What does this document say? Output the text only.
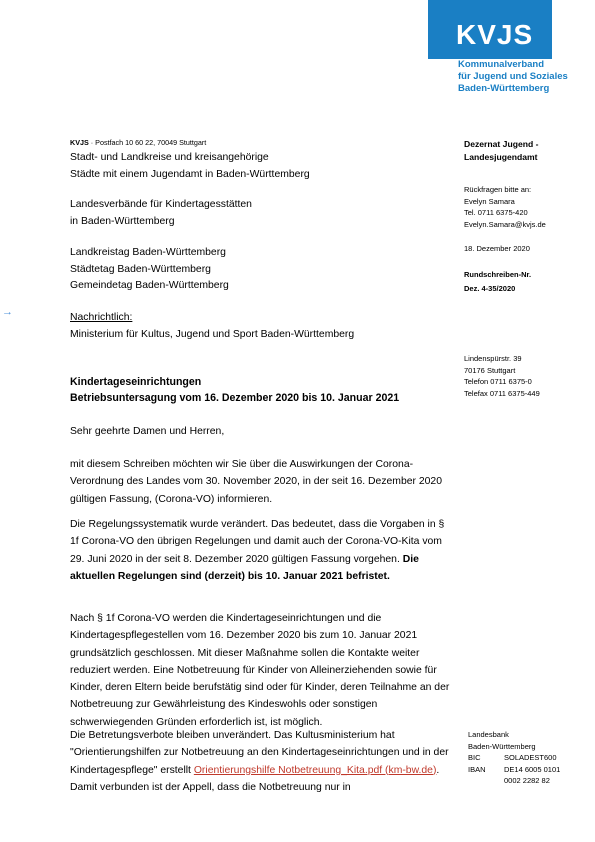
KVJS
Kommunalverband
für Jugend und Soziales
Baden-Württemberg
KVJS · Postfach 10 60 22, 70049 Stuttgart
Stadt- und Landkreise und kreisangehörige
Städte mit einem Jugendamt in Baden-Württemberg
Landesverbände für Kindertagesstätten
in Baden-Württemberg
Landkreistag Baden-Württemberg
Städtetag Baden-Württemberg
Gemeindetag Baden-Württemberg
→	Nachrichtlich:
Ministerium für Kultus, Jugend und Sport Baden-Württemberg
Dezernat Jugend -
Landesjugendamt
Rückfragen bitte an:
Evelyn Samara
Tel. 0711 6375-420
Evelyn.Samara@kvjs.de
18. Dezember 2020
Rundschreiben-Nr.
Dez. 4-35/2020
Lindenspürstr. 39
70176 Stuttgart
Telefon 0711 6375-0
Telefax 0711 6375-449
Kindertageseinrichtungen
Betriebsuntersagung vom 16. Dezember 2020 bis 10. Januar 2021
Sehr geehrte Damen und Herren,
mit diesem Schreiben möchten wir Sie über die Auswirkungen der Corona-Verordnung des Landes vom 30. November 2020, in der seit 16. Dezember 2020 gültigen Fassung, (Corona-VO) informieren.
Die Regelungssystematik wurde verändert. Das bedeutet, dass die Vorgaben in § 1f Corona-VO den übrigen Regelungen und damit auch der Corona-VO-Kita vom 29. Juni 2020 in der seit 8. Dezember 2020 gültigen Fassung vorgehen. Die aktuellen Regelungen sind (derzeit) bis 10. Januar 2021 befristet.
Nach § 1f Corona-VO werden die Kindertageseinrichtungen und die Kindertagespflegestellen vom 16. Dezember 2020 bis zum 10. Januar 2021 grundsätzlich geschlossen. Mit dieser Maßnahme sollen die Kontakte weiter reduziert werden. Eine Notbetreuung für Kinder von Alleinerziehenden sowie für Kinder, deren Eltern beide berufstätig sind oder für Kinder, deren Teilnahme an der Notbetreuung zur Gewährleistung des Kindeswohls oder sonstigen schwerwiegenden Gründen erforderlich ist, ist möglich.
Die Betretungsverbote bleiben unverändert. Das Kultusministerium hat "Orientierungshilfen zur Notbetreuung an den Kindertageseinrichtungen und in der Kindertagespflege" erstellt Orientierungshilfe Notbetreuung_Kita.pdf (km-bw.de). Damit verbunden ist der Appell, dass die Notbetreuung nur in
Landesbank
Baden-Württemberg
BIC	SOLADEST600
IBAN DE14 6005 0101
0002 2282 82
